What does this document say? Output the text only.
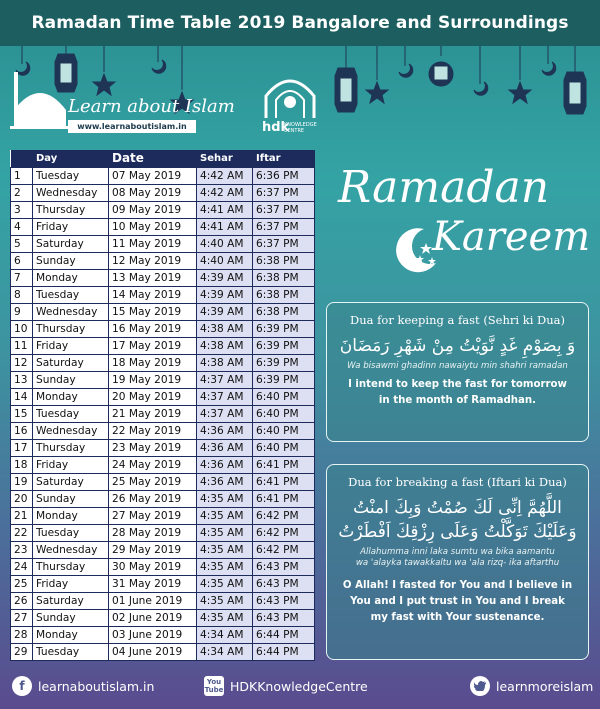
Ramadan Time Table 2019 Bangalore and Surroundings
Learn about Islam
www.learnaboutislam.in	hdk
KNOWLEDGE CENTRE
	Day	Date	Sehar	Iftar
1	Tuesday	07 May 2019	4:42 AM	6:36 PM
2	Wednesday	08 May 2019	4:42 AM	6:37 PM
3	Thursday	09 May 2019	4:41 AM	6:37 PM
4	Friday	10 May 2019	4:41 AM	6:37 PM
5	Saturday	11 May 2019	4:40 AM	6:37 PM
6	Sunday	12 May 2019	4:40 AM	6:38 PM
7	Monday	13 May 2019	4:39 AM	6:38 PM
8	Tuesday	14 May 2019	4:39 AM	6:38 PM
9	Wednesday	15 May 2019	4:39 AM	6:38 PM
10	Thursday	16 May 2019	4:38 AM	6:39 PM
11	Friday	17 May 2019	4:38 AM	6:39 PM
12	Saturday	18 May 2019	4:38 AM	6:39 PM
13	Sunday	19 May 2019	4:37 AM	6:39 PM
14	Monday	20 May 2019	4:37 AM	6:40 PM
15	Tuesday	21 May 2019	4:37 AM	6:40 PM
16	Wednesday	22 May 2019	4:36 AM	6:40 PM
17	Thursday	23 May 2019	4:36 AM	6:40 PM
18	Friday	24 May 2019	4:36 AM	6:41 PM
19	Saturday	25 May 2019	4:36 AM	6:41 PM
20	Sunday	26 May 2019	4:35 AM	6:41 PM
21	Monday	27 May 2019	4:35 AM	6:42 PM
22	Tuesday	28 May 2019	4:35 AM	6:42 PM
23	Wednesday	29 May 2019	4:35 AM	6:42 PM
24	Thursday	30 May 2019	4:35 AM	6:43 PM
25	Friday	31 May 2019	4:35 AM	6:43 PM
26	Saturday	01 June 2019	4:35 AM	6:43 PM
27	Sunday	02 June 2019	4:35 AM	6:43 PM
28	Monday	03 June 2019	4:34 AM	6:44 PM
29	Tuesday	04 June 2019	4:34 AM	6:44 PM
Ramadan
Kareem
Dua for keeping a fast (Sehri ki Dua)
وَ بِصَوْمِ غَدٍ نَّوَيْتُ مِنْ شَهْرِ رَمَضَانَ
Wa bisawmi ghadinn nawaiytu min shahri ramadan
I intend to keep the fast for tomorrow in the month of Ramadhan.
Dua for breaking a fast (Iftari ki Dua)
اللَّهُمَّ اِنِّى لَكَ صُمْتُ وَبِكَ امنْتُ
وَعَلَيْكَ تَوَكَّلْتُ وَعَلَى رِزْقِكَ اَفْطَرْتُ
Allahumma inni laka sumtu wa bika aamantu
wa 'alayka tawakkaltu wa 'ala rizq- ika aftarthu
O Allah! I fasted for You and I believe in You and I put trust in You and I break my fast with Your sustenance.
f	learnaboutislam.in	You
Tube HDKKnowledgeCentre	learnmoreislam
